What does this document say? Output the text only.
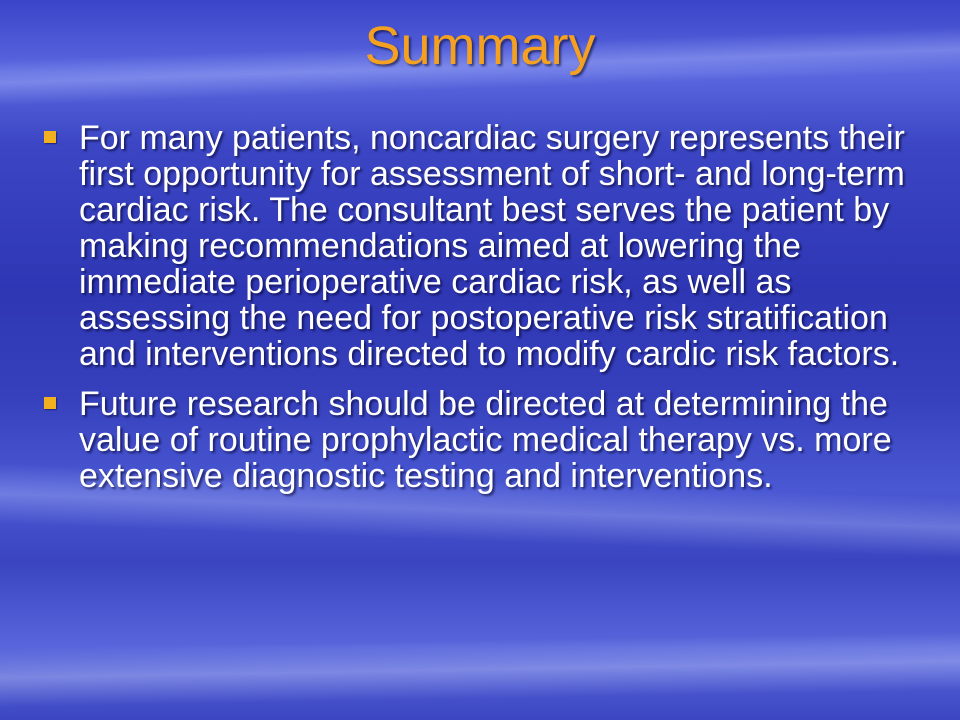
Summary
For many patients, noncardiac surgery represents their first opportunity for assessment of short- and long-term cardiac risk. The consultant best serves the patient by making recommendations aimed at lowering the immediate perioperative cardiac risk, as well as assessing the need for postoperative risk stratification and interventions directed to modify cardic risk factors.
Future research should be directed at determining the value of routine prophylactic medical therapy vs. more extensive diagnostic testing and interventions.
